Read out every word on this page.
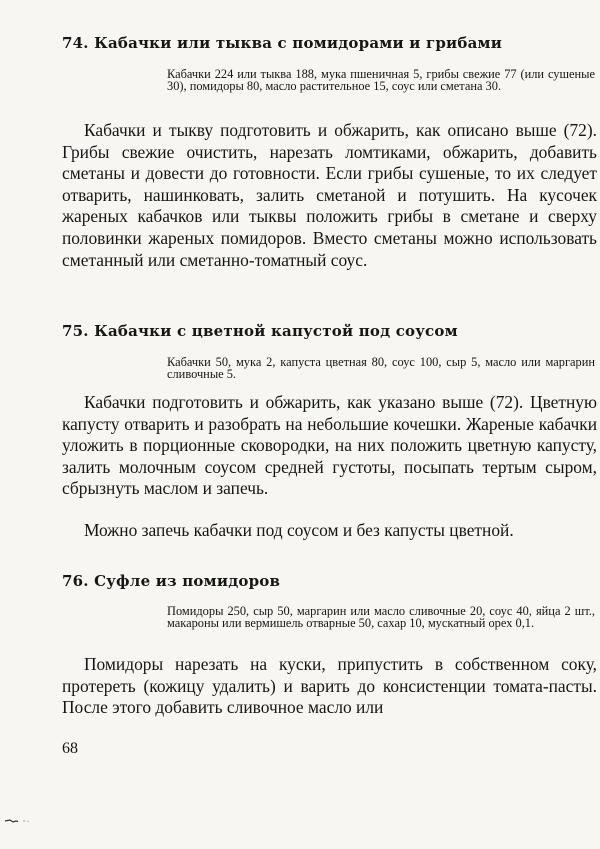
74. Кабачки или тыква с помидорами и грибами

Кабачки 224 или тыква 188, мука пшеничная 5, грибы свежие 77 (или сушеные 30), помидоры 80, масло растительное 15, соус или сметана 30.

Кабачки и тыкву подготовить и обжарить, как описано выше (72). Грибы свежие очистить, нарезать ломтиками, обжарить, добавить сметаны и довести до готовности. Если грибы сушеные, то их следует отварить, нашинковать, залить сметаной и потушить. На кусочек жареных кабачков или тыквы положить грибы в сметане и сверху половинки жареных помидоров. Вместо сметаны можно использовать сметанный или сметанно-томатный соус.

75. Кабачки с цветной капустой под соусом

Кабачки 50, мука 2, капуста цветная 80, соус 100, сыр 5, масло или маргарин сливочные 5.

Кабачки подготовить и обжарить, как указано выше (72). Цветную капусту отварить и разобрать на небольшие кочешки. Жареные кабачки уложить в порционные сковородки, на них положить цветную капусту, залить молочным соусом средней густоты, посыпать тертым сыром, сбрызнуть маслом и запечь.

Можно запечь кабачки под соусом и без капусты цветной.

76. Суфле из помидоров

Помидоры 250, сыр 50, маргарин или масло сливочные 20, соус 40, яйца 2 шт., макароны или вермишель отварные 50, сахар 10, мускатный орех 0,1.

Помидоры нарезать на куски, припустить в собственном соку, протереть (кожицу удалить) и варить до консистенции томата-пасты. После этого добавить сливочное масло или

68
